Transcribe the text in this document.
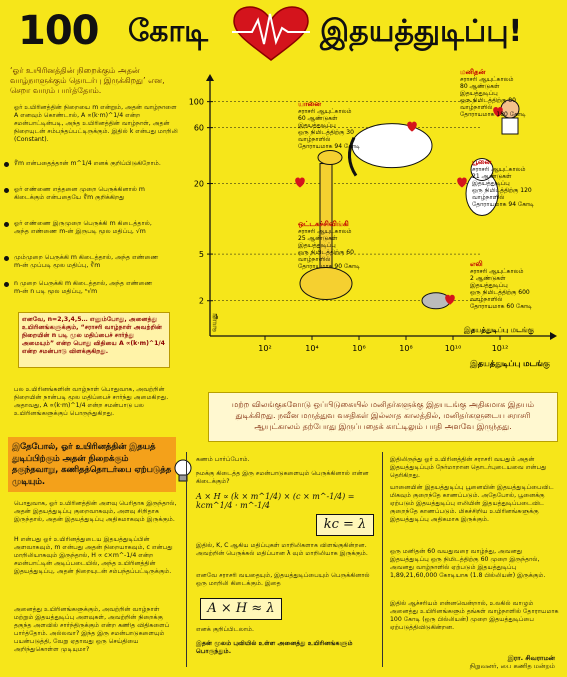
100 கோடி	இதயத்துடிப்பு!
‘ஓர் உயிரினத்தின் நிறைக்கும் அதன் வாழ்நாளுக்கும் தொடர்பு இருக்கிறது’ என, செறா வாரம் பார்த்தோம்.
ஓர் உயிரினத்தின் நிறையை m என்றும், அதன் வாழ்நாளை A எனவும் கொண்டால், A ∝(k·m)^1/4 என்ற சமன்பாட்டின்படி, அந்த உயிரினத்தின் வாழ்நாள், அதன் நிறையுடன் சம்பந்தப்பட்டிருக்கும். இதில் k என்பது மாறிலி (Constant).
∜m என்பதைத்தான் m^1/4 எனக் குறிப்பிடுகிறோம்.
ஓர் எண்ணை எத்தனை முறை பெருக்கினால் m கிடைக்கும் என்பதையே ∜m குறிக்கிறது
ஓர் எண்ணை இருமுறை பெருக்கி m கிடைத்தால், அந்த எண்ணை m-ன் இருபடி மூல மதிப்பு, √m
மும்முறை பெருக்கி m கிடைத்தால், அந்த எண்ணை m-ன் முப்படி மூல மதிப்பு, ∛m
n முறை பெருக்கி m கிடைத்தால், அந்த எண்ணை m-ன் n படி மூல மதிப்பு, ⁿ√m
எனவே, n=2,3,4,5… எனும்போது, அனைத்து உயிரினங்களுக்கும், “சராசரி வாழ்நாள் அவற்றின் நிறையின் n படி மூல மதிப்பைச் சார்ந்து அமையும்” என்ற பொது விதியை A ∝(k·m)^1/4 என்ற சமன்பாடு விளக்குகிறது.
பல உயிரினங்களின் வாழ்நாள் பொதுவாக, அவற்றின் நிறையின் நான்படி மூல மதிப்பைச் சார்ந்து அமைகிறது. அதாவது, A ∝(k·m)^1/4 என்ற சமன்பாடு பல உயிரினங்களுக்குப் பொருந்துகிறது.
இதேபோல், ஓர் உயிரினத்தின் இதயத் துடிப்பிற்கும் அதன் நிறைக்கும் தகுந்தவாறு, கணிதத்தொடர்பை ஏற்படுத்த முடியும்.
பொதுவாக, ஓர் உயிரினத்தின் அளவு பெரிதாக இருந்தால், அதன் இதயத்துடிப்பு குறைவாகவும், அளவு சிறிதாக இருந்தால், அதன் இதயத்துடிப்பு அதிகமாகவும் இருக்கும்.
H என்பது ஓர் உயிரினத்துடைய இதயத்துடிப்பின் அளவாகவும், m என்பது அதன் நிறையாகவும், c என்பது மாறிலியாகவும் இருந்தால், H ∝ c×m^-1/4 என்ற சமன்பாட்டின் அடிப்படையில், அந்த உயிரினத்தின் இதயத்துடிப்பு, அதன் நிறையுடன் சம்பந்தப்பட்டிருக்கும்.
அனைத்து உயிரினங்களுக்கும், அவற்றின் வாழ்நாள் மற்றும் இதயத்துடிப்பு அளவுகள், அவற்றின் நிறைக்கு தகுந்த அளவில் சார்ந்திருக்கும் என்ற கணித விதிகளைப் பார்த்தோம். அல்லவா? இந்த இரு சமன்பாடுகளையும் பயன்படுத்தி, வேறு ஏதாவது ஒரு செய்தியை அறிந்துகொள்ள முடியுமா?
10²	10⁴	10⁶	10⁸	10¹⁰	10¹²
100
60
20
5
2
இதயத்துடிப்பு மடங்கு
வயது	இதயத்துடிப்பு மடங்கு
மனிதன் சராசரி ஆயுட்காலம் 80 ஆண்டுகள் இதயத்துடிப்பு ஒரு நிமிடத்திற்கு 80 வாழ்நாளில் தோராயமாக 180 கோடி
யானை சராசரி ஆயுட்காலம் 60 ஆண்டுகள் இதயத்துடிப்பு ஒரு நிமிடத்திற்கு 30 வாழ்நாளில் தோராயமாக 94 கோடி
பூனை சராசரி ஆயுட்காலம் 21 ஆண்டுகள் இதயத்துடிப்பு ஒரு நிமிடத்திற்கு 120 வாழ்நாளில் தோராயமாக 94 கோடி
ஒட்டகச்சிவிங்கி சராசரி ஆயுட்காலம் 25 ஆண்டுகள் இதயத்துடிப்பு ஒரு நிமிடத்திற்கு 60 வாழ்நாளில் தோராயமாக 90 கோடி	எலி சராசரி ஆயுட்காலம் 2 ஆண்டுகள் இதயத்துடிப்பு ஒரு நிமிடத்திற்கு 600 வாழ்நாளில் தோராயமாக 60 கோடி
மற்ற விலங்குகளோடு ஒப்பிடுகையில் மனிதர்களுக்கு இதயடங்கு அதிகமாக இதயம் துடிக்கிறது. நவீன மருத்துவ வசதிகள் இல்லாத காலத்தில், மனிதர்களுடைய சராசரி ஆயுட்காலம் தற்போது இருப்பதைக் காட்டிலும் பாதி அளவே இருந்தது.
கணம் பார்ப்போம்.
நமக்கு கிடைத்த இரு சமன்பாடுகளையும் பெருக்கினால் என்ன கிடைக்கும்?
A × H ∝ (k × m^1/4) × (c × m^-1/4) = kcm^1/4 · m^-1/4
kc = λ
இதில், K, C ஆகிய மதிப்புகள் மாறிலிகளாக விளங்குகின்றன. அவற்றின் பெருக்கல் மதிப்பான λ வும் மாறிலியாக இருக்கும்.
எனவே சராசரி வயதையும், இதயத்துடிப்பையும் பெருக்கினால் ஒரு மாறிலி கிடைக்கும். இதை
A × H ≈ λ
எனக் குறிப்பிடலாம்.
இதன் மூலம் புவியில் உள்ள அனைத்து உயிரினங்களும் பொருந்தும்.
இதிலிருந்து ஓர் உயிரினத்தின் சராசரி வயதும் அதன் இதயத்துடிப்பும் நேர்மாறான தொடர்புடையவை என்பது தெரிகிறது.
யானையின் இதயத்துடிப்பு பூனையின் இதயத்துடிப்பைவிட மிகவும் குறைந்தே காணப்படும். அதேபோல், பூனைக்கு ஏற்படும் இதயத்துடிப்பு எலியின் இதயத்துடிப்படைவிட குறைந்தே காணப்படும். மிகச்சிறிய உயிரினங்களுக்கு இதயத்துடிப்பு அதிகமாக இருக்கும்.
ஒரு மனிதன் 60 வயதுவரை வாழ்ந்து, அவனது இதயத்துடிப்பு ஒரு நிமிடத்திற்கு 60 முறை இருந்தால், அவனது வாழ்நாளில் ஏற்படும் இதயத்துடிப்பு 1,89,21,60,000 கோடியாக (1.8 பில்லியன்) இருக்கும்.
இதில் ஆச்சரியம் என்னவென்றால், உலகில் வாழும் அனைத்து உயிரினங்களும் தங்கள் வாழ்நாளில் தோராயமாக 100 கோடி (ஒரு பில்லியன்) முறை இதயத்துடிப்பை ஏற்படுத்திவிடுகின்றன.
இரா. சிவராமன்
நிறுவனர், பை கணித மன்றம்
